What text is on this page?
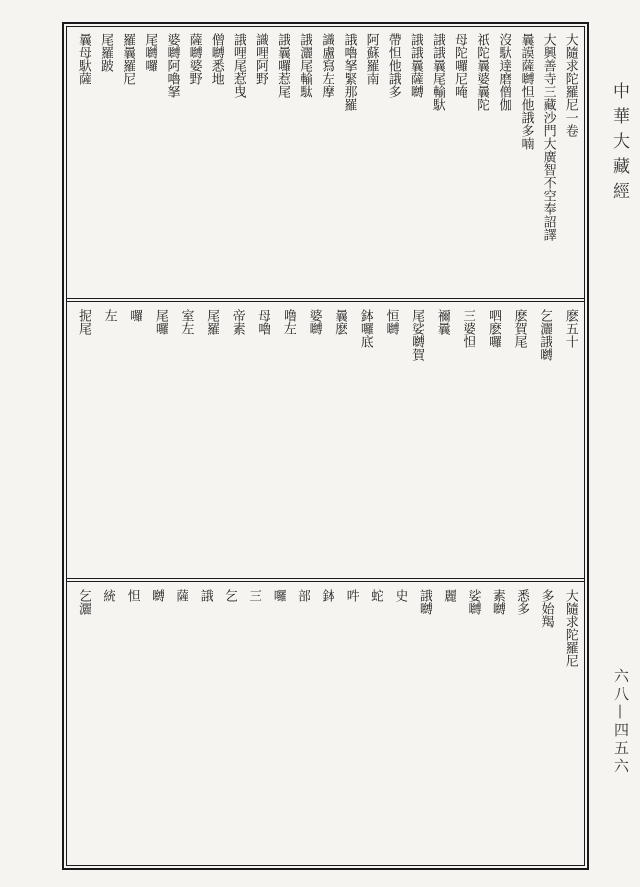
大隨求陀羅尼一卷
大興善寺三藏沙門大廣智不空奉詔譯
曩謨薩嚩怛他誐多喃
沒馱達磨僧伽
祇陀曩婆曩陀
母陀囉尼唵
誐誐曩尾輸馱
誐誐曩薩嚩
帶怛他誐多
阿蘇羅南
誐嚕拏緊那羅
識盧寫左摩
誐灑尾輸駄
誐曩囉惹尾
識哩阿野
誐哩尾惹曳
僧嚩悉地
薩嚩婆野
婆嚩阿嚕拏
尾嚩囉
羅曩羅尼
尾羅跛
曩母馱薩
麽五十
乞灑誐嚩
麽賀尾
呬麽囉
三婆怛
禰曩
尾娑嚩賀
恒嚩
鉢囉底
曩麽
婆嚩
噜左
母嚕
帝素
尾羅
室左
尾囉
囉
左
抳尾
大隨求陀羅尼
多始羯
悉多
素嚩
娑嚩
麗
誐嚩
史
蛇
吽
鉢
部
囉
三
乞
誐
薩
嚩
怛
統
乞灑
中華大藏經
六八—四五六
